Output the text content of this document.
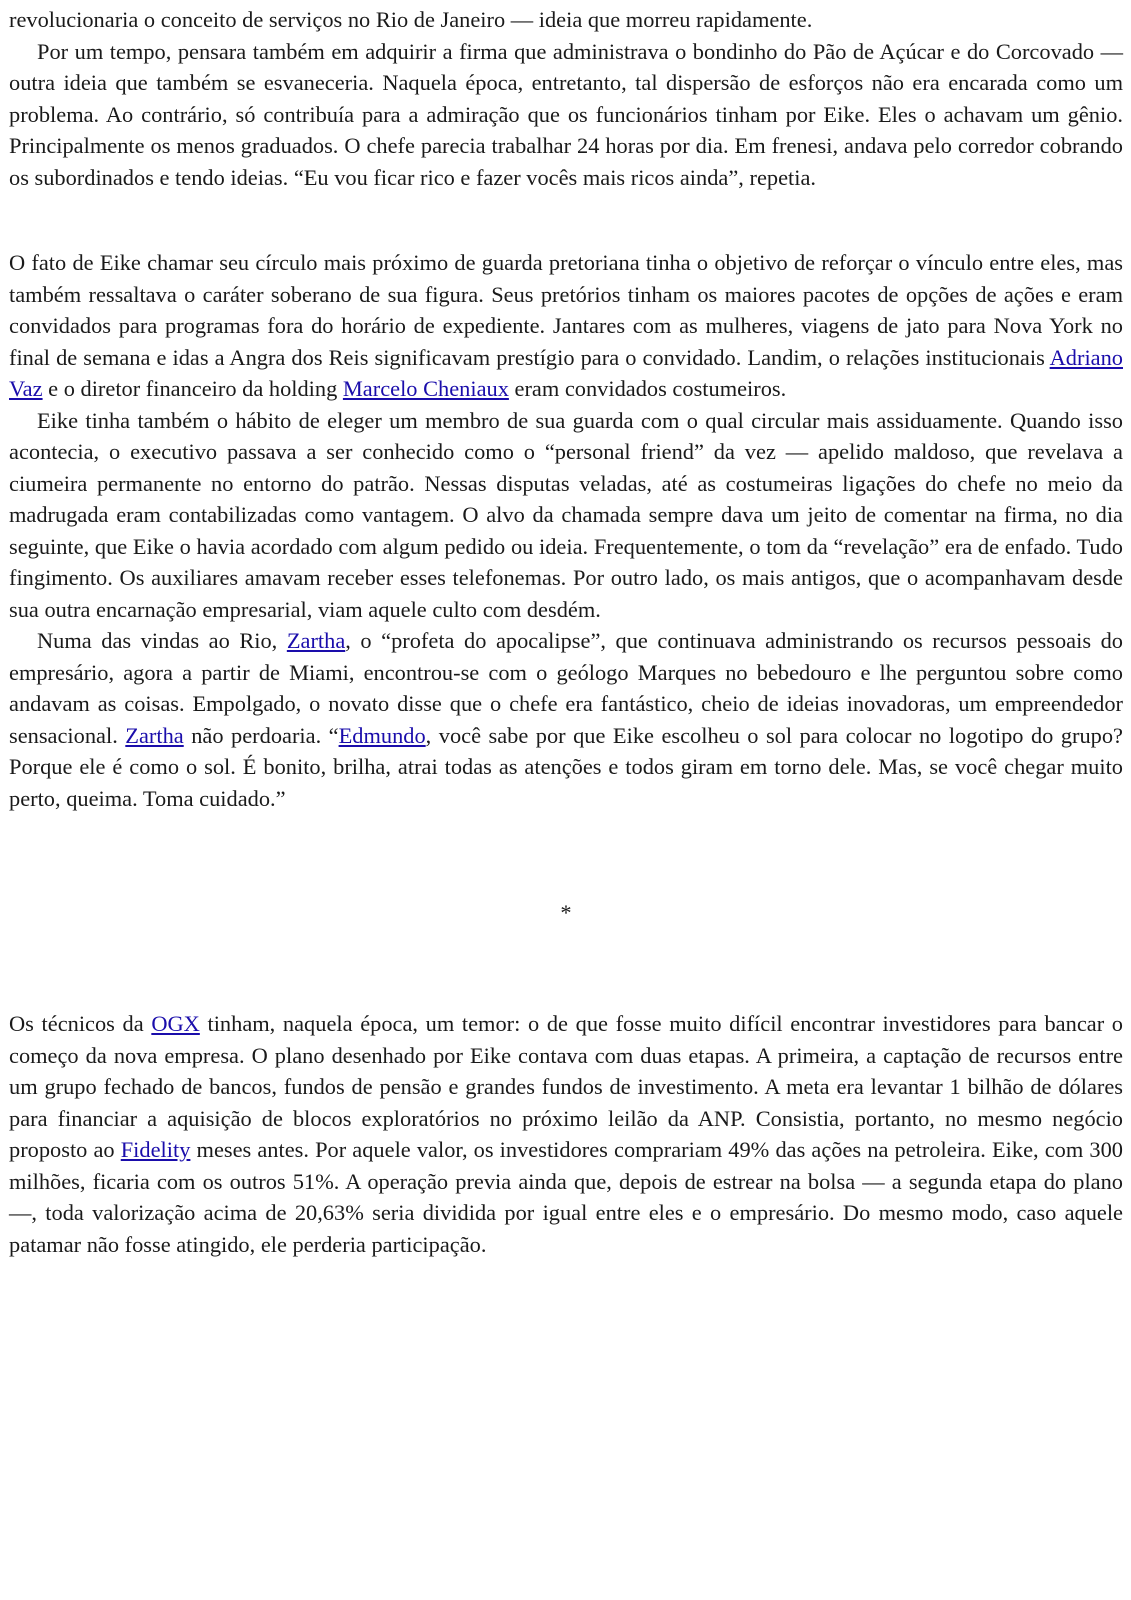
revolucionaria o conceito de serviços no Rio de Janeiro — ideia que morreu rapidamente.

Por um tempo, pensara também em adquirir a firma que administrava o bondinho do Pão de Açúcar e do Corcovado — outra ideia que também se esvaneceria. Naquela época, entretanto, tal dispersão de esforços não era encarada como um problema. Ao contrário, só contribuía para a admiração que os funcionários tinham por Eike. Eles o achavam um gênio. Principalmente os menos graduados. O chefe parecia trabalhar 24 horas por dia. Em frenesi, andava pelo corredor cobrando os subordinados e tendo ideias. “Eu vou ficar rico e fazer vocês mais ricos ainda”, repetia.

O fato de Eike chamar seu círculo mais próximo de guarda pretoriana tinha o objetivo de reforçar o vínculo entre eles, mas também ressaltava o caráter soberano de sua figura. Seus pretórios tinham os maiores pacotes de opções de ações e eram convidados para programas fora do horário de expediente. Jantares com as mulheres, viagens de jato para Nova York no final de semana e idas a Angra dos Reis significavam prestígio para o convidado. Landim, o relações institucionais Adriano Vaz e o diretor financeiro da holding Marcelo Cheniaux eram convidados costumeiros.

Eike tinha também o hábito de eleger um membro de sua guarda com o qual circular mais assiduamente. Quando isso acontecia, o executivo passava a ser conhecido como o “personal friend” da vez — apelido maldoso, que revelava a ciumeira permanente no entorno do patrão. Nessas disputas veladas, até as costumeiras ligações do chefe no meio da madrugada eram contabilizadas como vantagem. O alvo da chamada sempre dava um jeito de comentar na firma, no dia seguinte, que Eike o havia acordado com algum pedido ou ideia. Frequentemente, o tom da “revelação” era de enfado. Tudo fingimento. Os auxiliares amavam receber esses telefonemas. Por outro lado, os mais antigos, que o acompanhavam desde sua outra encarnação empresarial, viam aquele culto com desdém.

Numa das vindas ao Rio, Zartha, o “profeta do apocalipse”, que continuava administrando os recursos pessoais do empresário, agora a partir de Miami, encontrou-se com o geólogo Marques no bebedouro e lhe perguntou sobre como andavam as coisas. Empolgado, o novato disse que o chefe era fantástico, cheio de ideias inovadoras, um empreendedor sensacional. Zartha não perdoaria. “Edmundo, você sabe por que Eike escolheu o sol para colocar no logotipo do grupo? Porque ele é como o sol. É bonito, brilha, atrai todas as atenções e todos giram em torno dele. Mas, se você chegar muito perto, queima. Toma cuidado.”

*

Os técnicos da OGX tinham, naquela época, um temor: o de que fosse muito difícil encontrar investidores para bancar o começo da nova empresa. O plano desenhado por Eike contava com duas etapas. A primeira, a captação de recursos entre um grupo fechado de bancos, fundos de pensão e grandes fundos de investimento. A meta era levantar 1 bilhão de dólares para financiar a aquisição de blocos exploratórios no próximo leilão da ANP. Consistia, portanto, no mesmo negócio proposto ao Fidelity meses antes. Por aquele valor, os investidores comprariam 49% das ações na petroleira. Eike, com 300 milhões, ficaria com os outros 51%. A operação previa ainda que, depois de estrear na bolsa — a segunda etapa do plano —, toda valorização acima de 20,63% seria dividida por igual entre eles e o empresário. Do mesmo modo, caso aquele patamar não fosse atingido, ele perderia participação.
